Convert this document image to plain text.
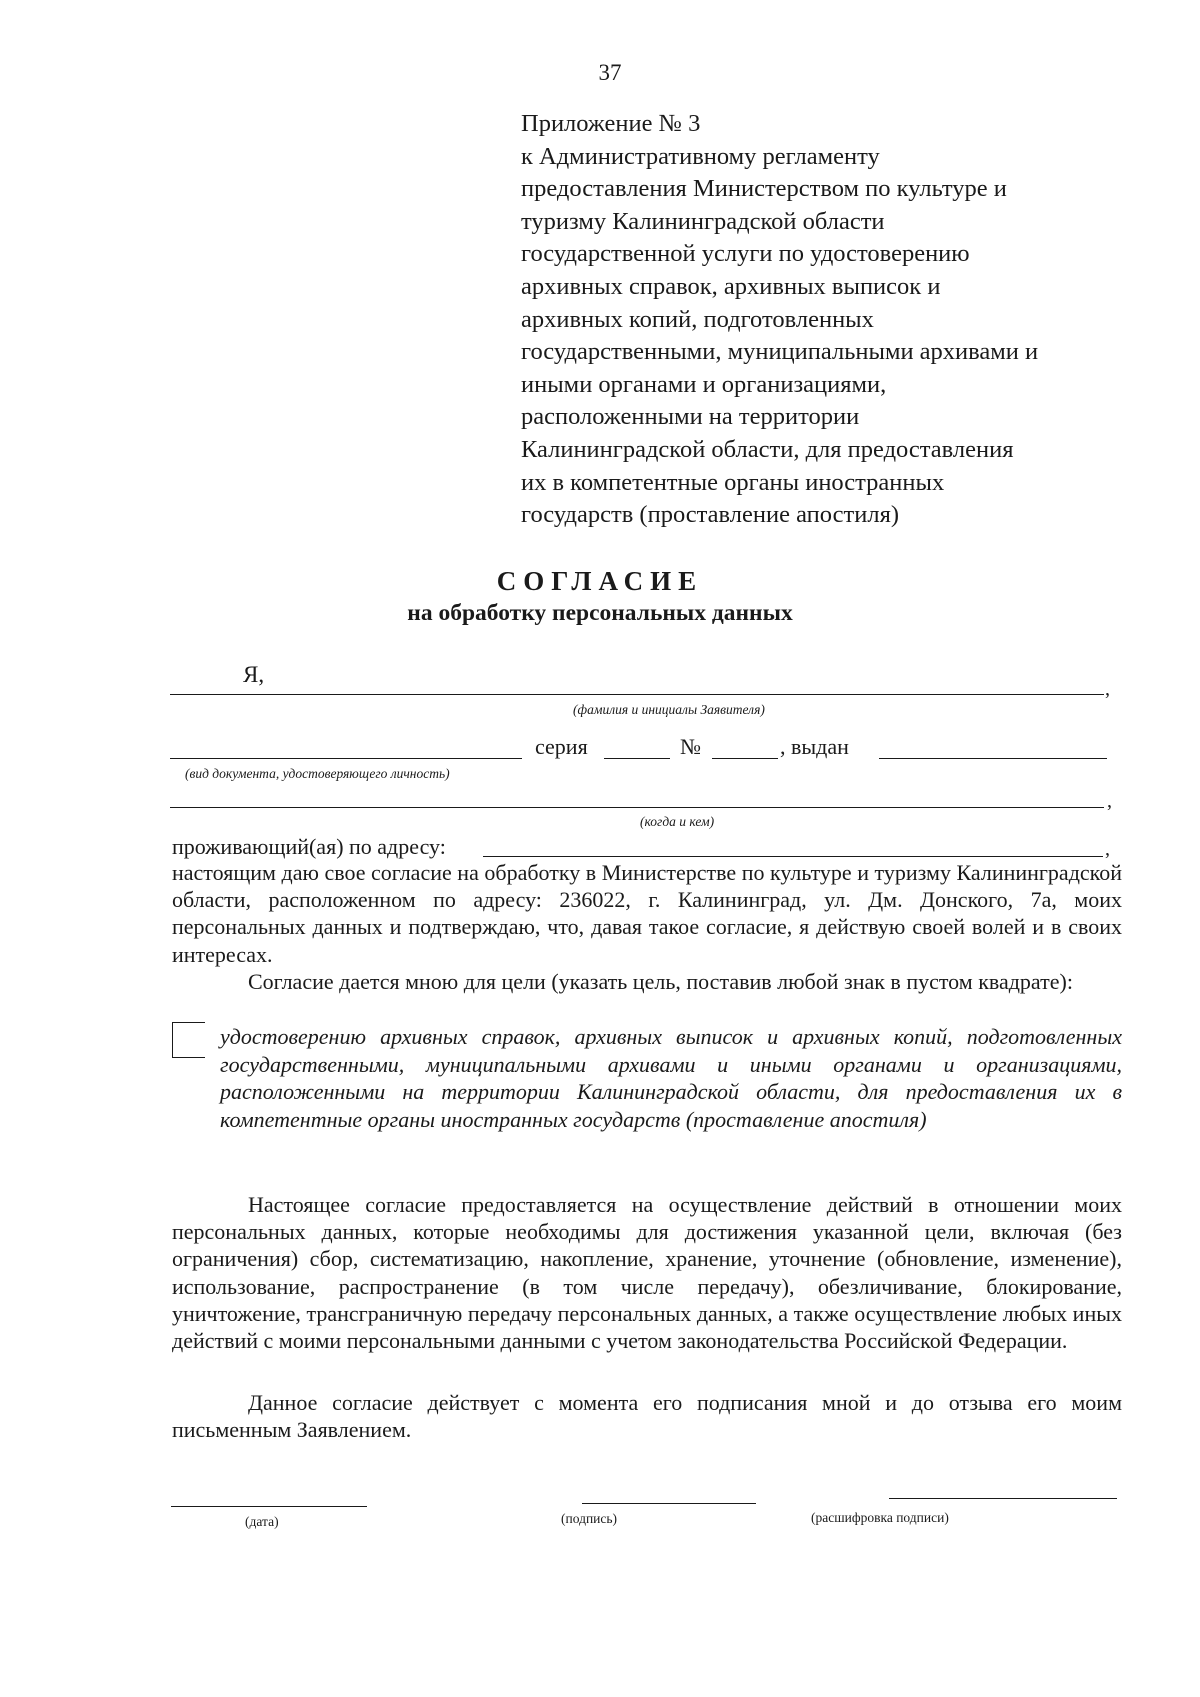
37
Приложение № 3
к Административному регламенту
предоставления Министерством по культуре и
туризму Калининградской области
государственной услуги по удостоверению
архивных справок, архивных выписок и
архивных копий, подготовленных
государственными, муниципальными архивами и
иными органами и организациями,
расположенными на территории
Калининградской области, для предоставления
их в компетентные органы иностранных
государств (проставление апостиля)
СОГЛАСИЕ
на обработку персональных данных
Я,
,
(фамилия и инициалы Заявителя)
серия	№	, выдан
(вид документа, удостоверяющего личность)
,
(когда и кем)
проживающий(ая) по адресу:	,
настоящим даю свое согласие на обработку в Министерстве по культуре и туризму Калининградской области, расположенном по адресу: 236022, г. Калининград, ул. Дм. Донского, 7а, моих персональных данных и подтверждаю, что, давая такое согласие, я действую своей волей и в своих интересах.
Согласие дается мною для цели (указать цель, поставив любой знак в пустом квадрате):
удостоверению архивных справок, архивных выписок и архивных копий, подготовленных государственными, муниципальными архивами и иными органами и организациями, расположенными на территории Калининградской области, для предоставления их в компетентные органы иностранных государств (проставление апостиля)
Настоящее согласие предоставляется на осуществление действий в отношении моих персональных данных, которые необходимы для достижения указанной цели, включая (без ограничения) сбор, систематизацию, накопление, хранение, уточнение (обновление, изменение), использование, распространение (в том числе передачу), обезличивание, блокирование, уничтожение, трансграничную передачу персональных данных, а также осуществление любых иных действий с моими персональными данными с учетом законодательства Российской Федерации.
Данное согласие действует с момента его подписания мной и до отзыва его моим письменным Заявлением.
(дата)	(подпись)	(расшифровка подписи)
